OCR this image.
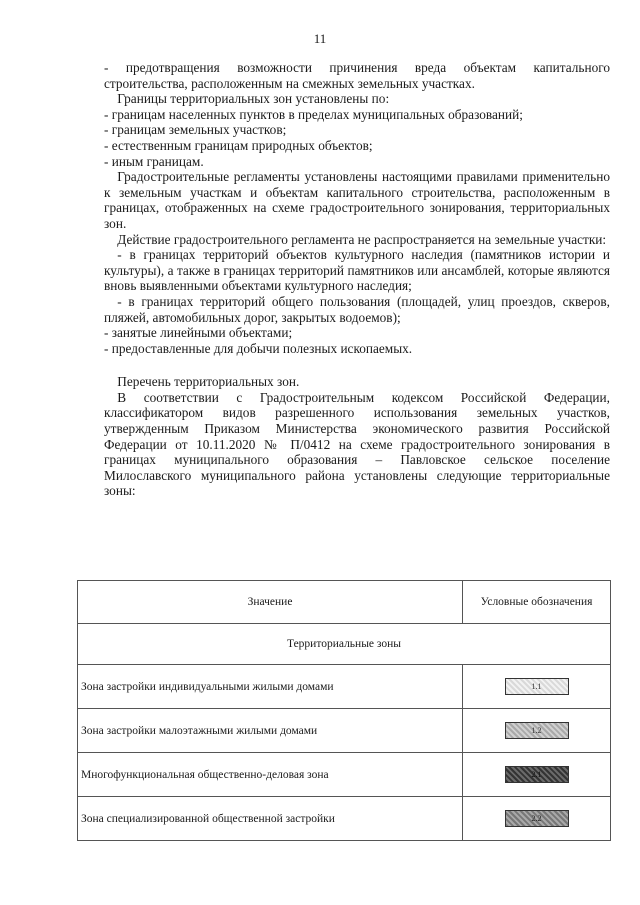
11

- предотвращения возможности причинения вреда объектам капитального строительства, расположенным на смежных земельных участках.

Границы территориальных зон установлены по:

- границам населенных пунктов в пределах муниципальных образований;

- границам земельных участков;

- естественным границам природных объектов;

- иным границам.

Градостроительные регламенты установлены настоящими правилами применительно к земельным участкам и объектам капитального строительства, расположенным в границах, отображенных на схеме градостроительного зонирования, территориальных зон.

Действие градостроительного регламента не распространяется на земельные участки:

- в границах территорий объектов культурного наследия (памятников истории и культуры), а также в границах территорий памятников или ансамблей, которые являются вновь выявленными объектами культурного наследия;

- в границах территорий общего пользования (площадей, улиц проездов, скверов, пляжей, автомобильных дорог, закрытых водоемов);

- занятые линейными объектами;

- предоставленные для добычи полезных ископаемых.

Перечень территориальных зон.

В соответствии с Градостроительным кодексом Российской Федерации, классификатором видов разрешенного использования земельных участков, утвержденным Приказом Министерства экономического развития Российской Федерации от 10.11.2020 № П/0412 на схеме градостроительного зонирования в границах муниципального образования – Павловское сельское поселение Милославского муниципального района установлены следующие территориальные зоны:

Значение	Условные обозначения
Территориальные зоны	
Зона застройки индивидуальными жилыми домами	1.1
Зона застройки малоэтажными жилыми домами	1.2
Многофункциональная общественно-деловая зона	2.1
Зона специализированной общественной застройки	2.2
